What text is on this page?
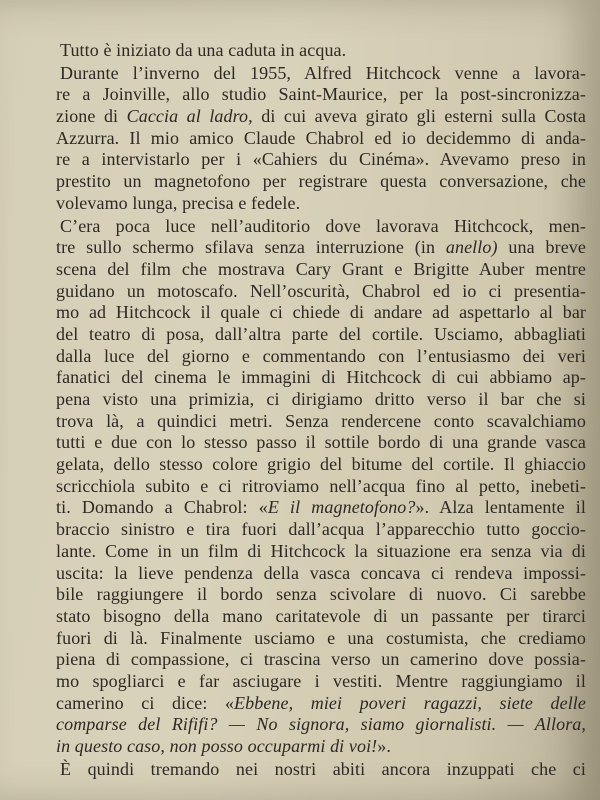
Tutto è iniziato da una caduta in acqua.
Durante l’inverno del 1955, Alfred Hitchcock venne a lavora-
re a Joinville, allo studio Saint-Maurice, per la post-sincronizza-
zione di Caccia al ladro, di cui aveva girato gli esterni sulla Costa
Azzurra. Il mio amico Claude Chabrol ed io decidemmo di anda-
re a intervistarlo per i «Cahiers du Cinéma». Avevamo preso in
prestito un magnetofono per registrare questa conversazione, che
volevamo lunga, precisa e fedele.
C’era poca luce nell’auditorio dove lavorava Hitchcock, men-
tre sullo schermo sfilava senza interruzione (in anello) una breve
scena del film che mostrava Cary Grant e Brigitte Auber mentre
guidano un motoscafo. Nell’oscurità, Chabrol ed io ci presentia-
mo ad Hitchcock il quale ci chiede di andare ad aspettarlo al bar
del teatro di posa, dall’altra parte del cortile. Usciamo, abbagliati
dalla luce del giorno e commentando con l’entusiasmo dei veri
fanatici del cinema le immagini di Hitchcock di cui abbiamo ap-
pena visto una primizia, ci dirigiamo dritto verso il bar che si
trova là, a quindici metri. Senza rendercene conto scavalchiamo
tutti e due con lo stesso passo il sottile bordo di una grande vasca
gelata, dello stesso colore grigio del bitume del cortile. Il ghiaccio
scricchiola subito e ci ritroviamo nell’acqua fino al petto, inebeti-
ti. Domando a Chabrol: «E il magnetofono?». Alza lentamente il
braccio sinistro e tira fuori dall’acqua l’apparecchio tutto goccio-
lante. Come in un film di Hitchcock la situazione era senza via di
uscita: la lieve pendenza della vasca concava ci rendeva impossi-
bile raggiungere il bordo senza scivolare di nuovo. Ci sarebbe
stato bisogno della mano caritatevole di un passante per tirarci
fuori di là. Finalmente usciamo e una costumista, che crediamo
piena di compassione, ci trascina verso un camerino dove possia-
mo spogliarci e far asciugare i vestiti. Mentre raggiungiamo il
camerino ci dice: «Ebbene, miei poveri ragazzi, siete delle
comparse del Rififi? — No signora, siamo giornalisti. — Allora,
in questo caso, non posso occuparmi di voi!».
È quindi tremando nei nostri abiti ancora inzuppati che ci
